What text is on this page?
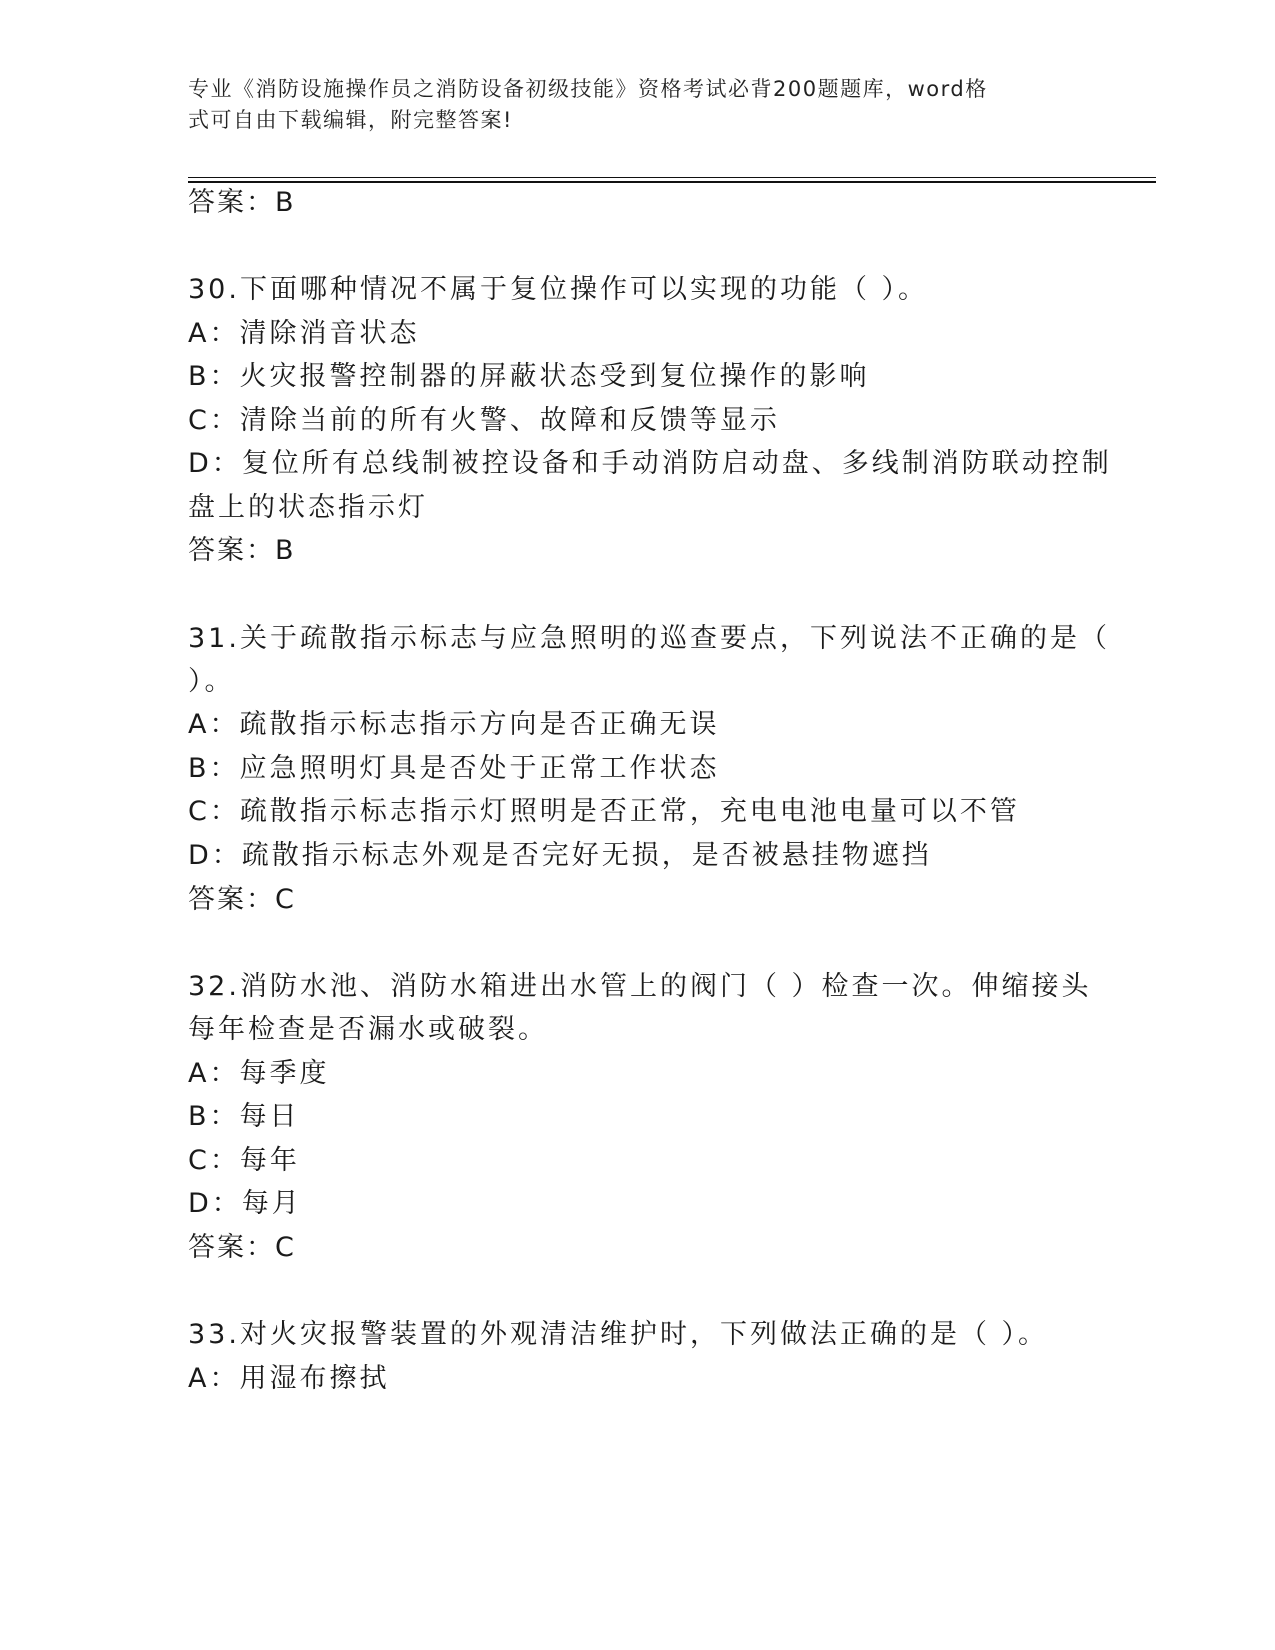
专业《消防设施操作员之消防设备初级技能》资格考试必背200题题库，word格
式可自由下载编辑，附完整答案!
答案：B
30.下面哪种情况不属于复位操作可以实现的功能（ ）。
A：清除消音状态
B：火灾报警控制器的屏蔽状态受到复位操作的影响
C：清除当前的所有火警、故障和反馈等显示
D：复位所有总线制被控设备和手动消防启动盘、多线制消防联动控制
盘上的状态指示灯
答案：B
31.关于疏散指示标志与应急照明的巡查要点，下列说法不正确的是（
）。
A：疏散指示标志指示方向是否正确无误
B：应急照明灯具是否处于正常工作状态
C：疏散指示标志指示灯照明是否正常，充电电池电量可以不管
D：疏散指示标志外观是否完好无损，是否被悬挂物遮挡
答案：C
32.消防水池、消防水箱进出水管上的阀门（ ）检查一次。伸缩接头
每年检查是否漏水或破裂。
A：每季度
B：每日
C：每年
D：每月
答案：C
33.对火灾报警装置的外观清洁维护时，下列做法正确的是（ ）。
A：用湿布擦拭
